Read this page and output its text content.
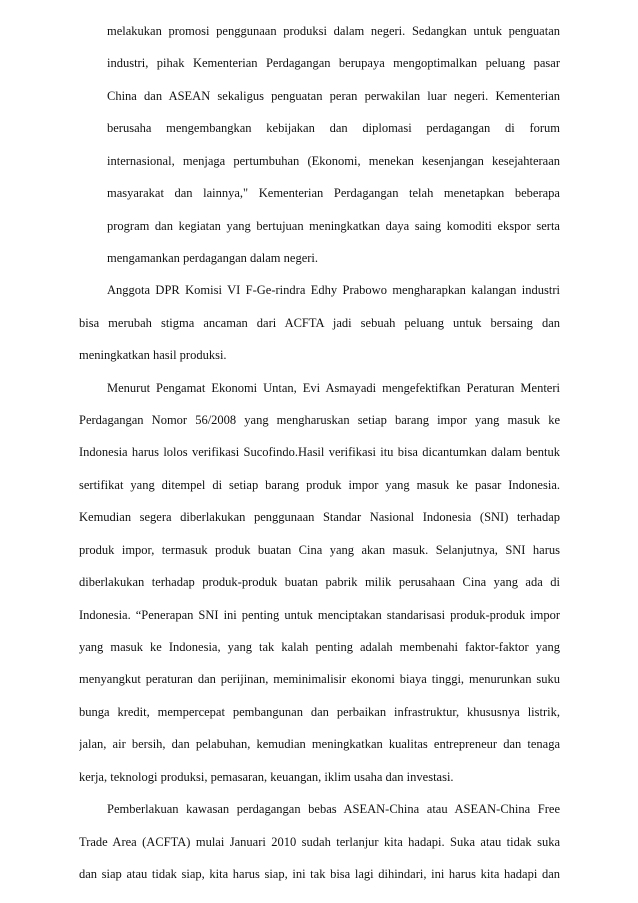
melakukan promosi penggunaan produksi dalam negeri. Sedangkan untuk penguatan
industri, pihak Kementerian Perdagangan berupaya mengoptimalkan peluang pasar
China dan ASEAN sekaligus penguatan peran perwakilan luar negeri. Kementerian
berusaha mengembangkan kebijakan dan diplomasi perdagangan di forum
internasional, menjaga pertumbuhan (Ekonomi, menekan kesenjangan kesejahteraan
masyarakat dan lainnya," Kementerian Perdagangan telah menetapkan beberapa
program dan kegiatan yang bertujuan meningkatkan daya saing komoditi ekspor serta
mengamankan perdagangan dalam negeri.
Anggota DPR Komisi VI F-Ge-rindra Edhy Prabowo mengharapkan kalangan industri
bisa merubah stigma ancaman dari ACFTA jadi sebuah peluang untuk bersaing dan
meningkatkan hasil produksi.
Menurut Pengamat Ekonomi Untan, Evi Asmayadi mengefektifkan Peraturan Menteri
Perdagangan Nomor 56/2008 yang mengharuskan setiap barang impor yang masuk ke
Indonesia harus lolos verifikasi Sucofindo.Hasil verifikasi itu bisa dicantumkan dalam bentuk
sertifikat yang ditempel di setiap barang produk impor yang masuk ke pasar Indonesia.
Kemudian segera diberlakukan penggunaan Standar Nasional Indonesia (SNI) terhadap
produk impor, termasuk produk buatan Cina yang akan masuk. Selanjutnya, SNI harus
diberlakukan terhadap produk-produk buatan pabrik milik perusahaan Cina yang ada di
Indonesia. “Penerapan SNI ini penting untuk menciptakan standarisasi produk-produk impor
yang masuk ke Indonesia, yang tak kalah penting adalah membenahi faktor-faktor yang
menyangkut peraturan dan perijinan, meminimalisir ekonomi biaya tinggi, menurunkan suku
bunga kredit, mempercepat pembangunan dan perbaikan infrastruktur, khususnya listrik,
jalan, air bersih, dan pelabuhan, kemudian meningkatkan kualitas entrepreneur dan tenaga
kerja, teknologi produksi, pemasaran, keuangan, iklim usaha dan investasi.
Pemberlakuan kawasan perdagangan bebas ASEAN-China atau ASEAN-China Free
Trade Area (ACFTA) mulai Januari 2010 sudah terlanjur kita hadapi. Suka atau tidak suka
dan siap atau tidak siap, kita harus siap, ini tak bisa lagi dihindari, ini harus kita hadapi dan
